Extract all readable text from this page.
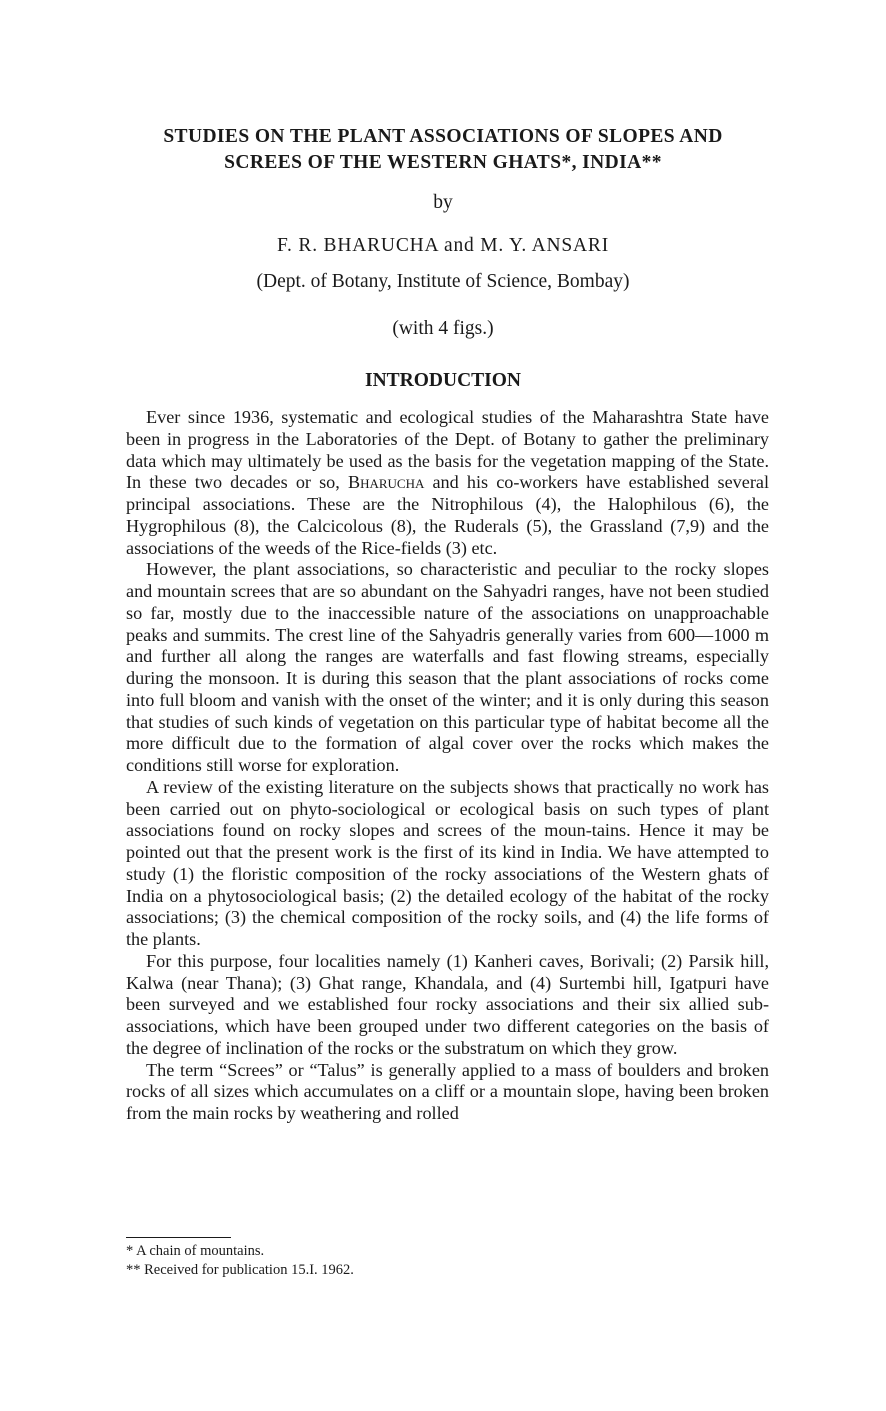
STUDIES ON THE PLANT ASSOCIATIONS OF SLOPES AND
SCREES OF THE WESTERN GHATS*, INDIA**

by

F. R. BHARUCHA and M. Y. ANSARI

(Dept. of Botany, Institute of Science, Bombay)

(with 4 figs.)

INTRODUCTION

Ever since 1936, systematic and ecological studies of the Maharashtra State have been in progress in the Laboratories of the Dept. of Botany to gather the preliminary data which may ultimately be used as the basis for the vegetation mapping of the State. In these two decades or so, Bharucha and his co-workers have established several principal associations. These are the Nitrophilous (4), the Halophilous (6), the Hygrophilous (8), the Calcicolous (8), the Ruderals (5), the Grassland (7,9) and the associations of the weeds of the Rice-fields (3) etc.

However, the plant associations, so characteristic and peculiar to the rocky slopes and mountain screes that are so abundant on the Sahyadri ranges, have not been studied so far, mostly due to the inaccessible nature of the associations on unapproachable peaks and summits. The crest line of the Sahyadris generally varies from 600—1000 m and further all along the ranges are waterfalls and fast flowing streams, especially during the monsoon. It is during this season that the plant associations of rocks come into full bloom and vanish with the onset of the winter; and it is only during this season that studies of such kinds of vegetation on this particular type of habitat become all the more difficult due to the formation of algal cover over the rocks which makes the conditions still worse for exploration.

A review of the existing literature on the subjects shows that practically no work has been carried out on phyto-sociological or ecological basis on such types of plant associations found on rocky slopes and screes of the moun-tains. Hence it may be pointed out that the present work is the first of its kind in India. We have attempted to study (1) the floristic composition of the rocky associations of the Western ghats of India on a phytosociological basis; (2) the detailed ecology of the habitat of the rocky associations; (3) the chemical composition of the rocky soils, and (4) the life forms of the plants.

For this purpose, four localities namely (1) Kanheri caves, Borivali; (2) Parsik hill, Kalwa (near Thana); (3) Ghat range, Khandala, and (4) Surtembi hill, Igatpuri have been surveyed and we established four rocky associations and their six allied sub-associations, which have been grouped under two different categories on the basis of the degree of inclination of the rocks or the substratum on which they grow.

The term “Screes” or “Talus” is generally applied to a mass of boulders and broken rocks of all sizes which accumulates on a cliff or a mountain slope, having been broken from the main rocks by weathering and rolled

* A chain of mountains.

** Received for publication 15.I. 1962.
